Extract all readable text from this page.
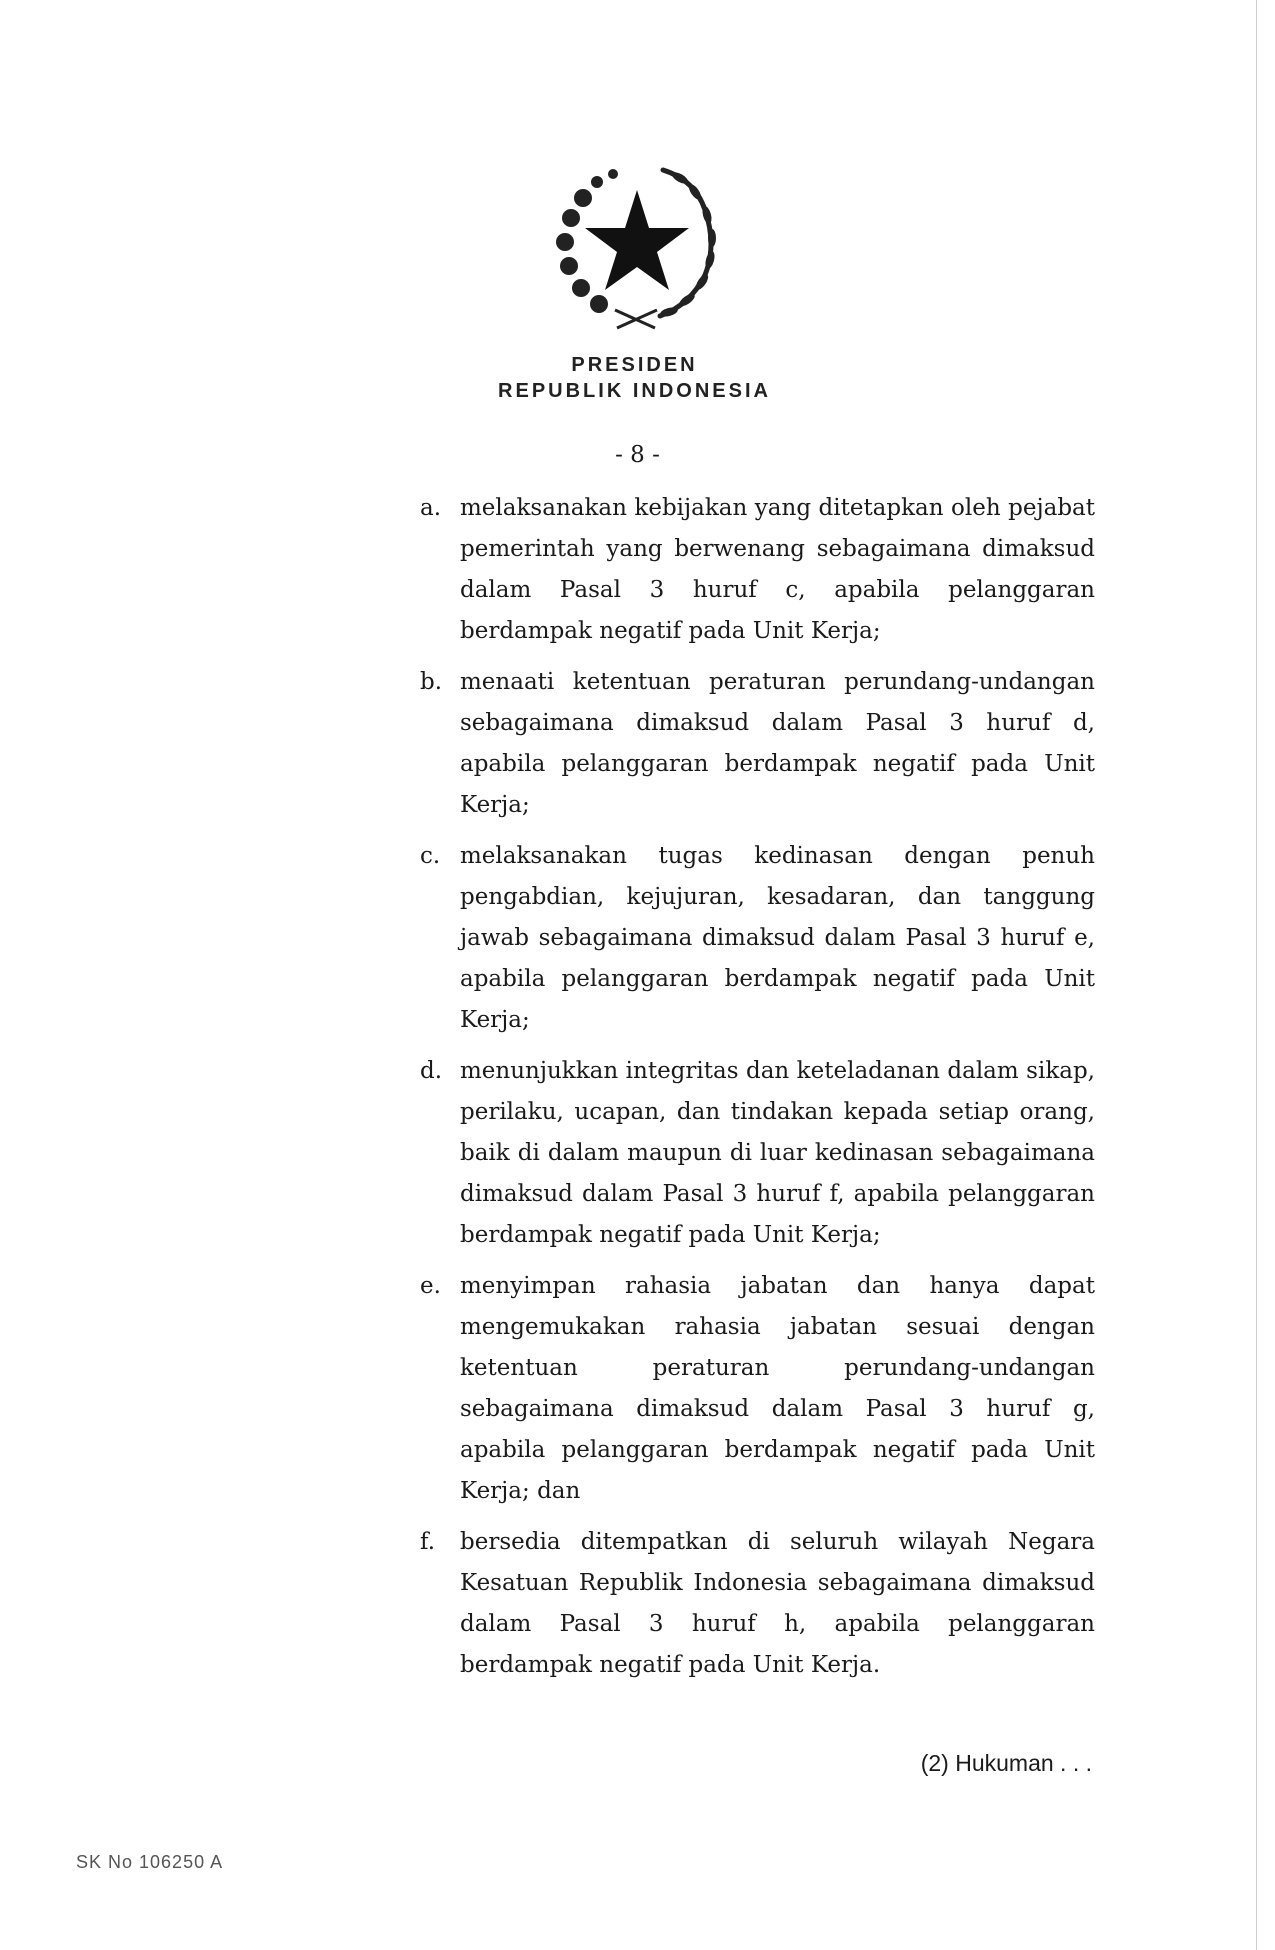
PRESIDEN
REPUBLIK INDONESIA
- 8 -
a. melaksanakan kebijakan yang ditetapkan oleh pejabat pemerintah yang berwenang sebagaimana dimaksud dalam Pasal 3 huruf c, apabila pelanggaran berdampak negatif pada Unit Kerja;
b. menaati ketentuan peraturan perundang-undangan sebagaimana dimaksud dalam Pasal 3 huruf d, apabila pelanggaran berdampak negatif pada Unit Kerja;
c. melaksanakan tugas kedinasan dengan penuh pengabdian, kejujuran, kesadaran, dan tanggung jawab sebagaimana dimaksud dalam Pasal 3 huruf e, apabila pelanggaran berdampak negatif pada Unit Kerja;
d. menunjukkan integritas dan keteladanan dalam sikap, perilaku, ucapan, dan tindakan kepada setiap orang, baik di dalam maupun di luar kedinasan sebagaimana dimaksud dalam Pasal 3 huruf f, apabila pelanggaran berdampak negatif pada Unit Kerja;
e. menyimpan rahasia jabatan dan hanya dapat mengemukakan rahasia jabatan sesuai dengan ketentuan peraturan perundang-undangan sebagaimana dimaksud dalam Pasal 3 huruf g, apabila pelanggaran berdampak negatif pada Unit Kerja; dan
f.	bersedia ditempatkan di seluruh wilayah Negara Kesatuan Republik Indonesia sebagaimana dimaksud dalam Pasal 3 huruf h, apabila pelanggaran berdampak negatif pada Unit Kerja.
(2) Hukuman . . .
SK No 106250 A
